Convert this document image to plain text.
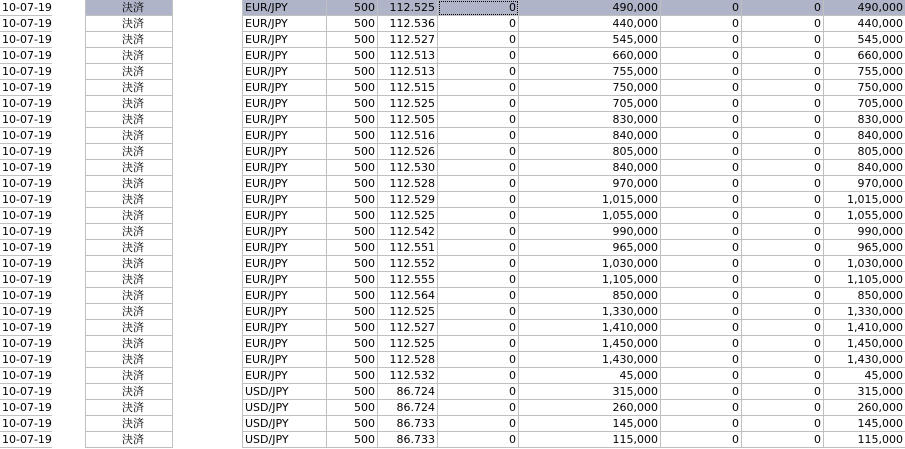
10-07-19	決済	EUR/JPY	500	112.525	0	490,000	0	0	490,000
10-07-19	決済	EUR/JPY	500	112.536	0	440,000	0	0	440,000
10-07-19	決済	EUR/JPY	500	112.527	0	545,000	0	0	545,000
10-07-19	決済	EUR/JPY	500	112.513	0	660,000	0	0	660,000
10-07-19	決済	EUR/JPY	500	112.513	0	755,000	0	0	755,000
10-07-19	決済	EUR/JPY	500	112.515	0	750,000	0	0	750,000
10-07-19	決済	EUR/JPY	500	112.525	0	705,000	0	0	705,000
10-07-19	決済	EUR/JPY	500	112.505	0	830,000	0	0	830,000
10-07-19	決済	EUR/JPY	500	112.516	0	840,000	0	0	840,000
10-07-19	決済	EUR/JPY	500	112.526	0	805,000	0	0	805,000
10-07-19	決済	EUR/JPY	500	112.530	0	840,000	0	0	840,000
10-07-19	決済	EUR/JPY	500	112.528	0	970,000	0	0	970,000
10-07-19	決済	EUR/JPY	500	112.529	0	1,015,000	0	0	1,015,000
10-07-19	決済	EUR/JPY	500	112.525	0	1,055,000	0	0	1,055,000
10-07-19	決済	EUR/JPY	500	112.542	0	990,000	0	0	990,000
10-07-19	決済	EUR/JPY	500	112.551	0	965,000	0	0	965,000
10-07-19	決済	EUR/JPY	500	112.552	0	1,030,000	0	0	1,030,000
10-07-19	決済	EUR/JPY	500	112.555	0	1,105,000	0	0	1,105,000
10-07-19	決済	EUR/JPY	500	112.564	0	850,000	0	0	850,000
10-07-19	決済	EUR/JPY	500	112.525	0	1,330,000	0	0	1,330,000
10-07-19	決済	EUR/JPY	500	112.527	0	1,410,000	0	0	1,410,000
10-07-19	決済	EUR/JPY	500	112.525	0	1,450,000	0	0	1,450,000
10-07-19	決済	EUR/JPY	500	112.528	0	1,430,000	0	0	1,430,000
10-07-19	決済	EUR/JPY	500	112.532	0	45,000	0	0	45,000
10-07-19	決済	USD/JPY	500	86.724	0	315,000	0	0	315,000
10-07-19	決済	USD/JPY	500	86.724	0	260,000	0	0	260,000
10-07-19	決済	USD/JPY	500	86.733	0	145,000	0	0	145,000
10-07-19	決済	USD/JPY	500	86.733	0	115,000	0	0	115,000
